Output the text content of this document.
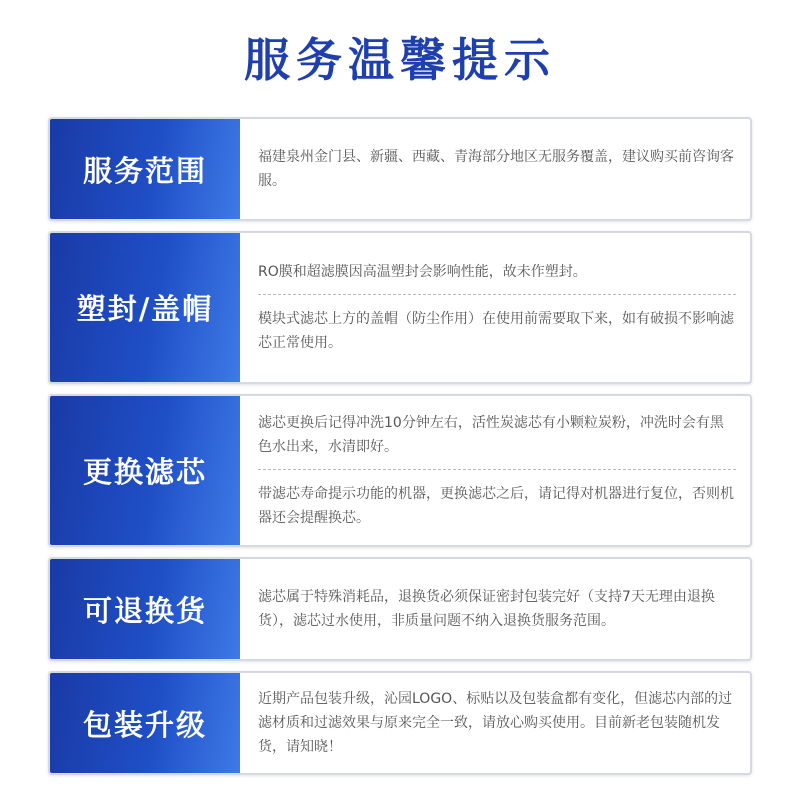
服务温馨提示
服务范围	福建泉州金门县、新疆、西藏、青海部分地区无服务覆盖，建议购买前咨询客服。
塑封/盖帽
RO膜和超滤膜因高温塑封会影响性能，故未作塑封。
模块式滤芯上方的盖帽（防尘作用）在使用前需要取下来，如有破损不影响滤芯正常使用。
更换滤芯
滤芯更换后记得冲洗10分钟左右，活性炭滤芯有小颗粒炭粉，冲洗时会有黑色水出来，水清即好。
带滤芯寿命提示功能的机器，更换滤芯之后，请记得对机器进行复位，否则机器还会提醒换芯。
可退换货	滤芯属于特殊消耗品，退换货必须保证密封包装完好（支持7天无理由退换货），滤芯过水使用，非质量问题不纳入退换货服务范围。
包装升级
近期产品包装升级，沁园LOGO、标贴以及包装盒都有变化，但滤芯内部的过滤材质和过滤效果与原来完全一致，请放心购买使用。目前新老包装随机发货，请知晓！
